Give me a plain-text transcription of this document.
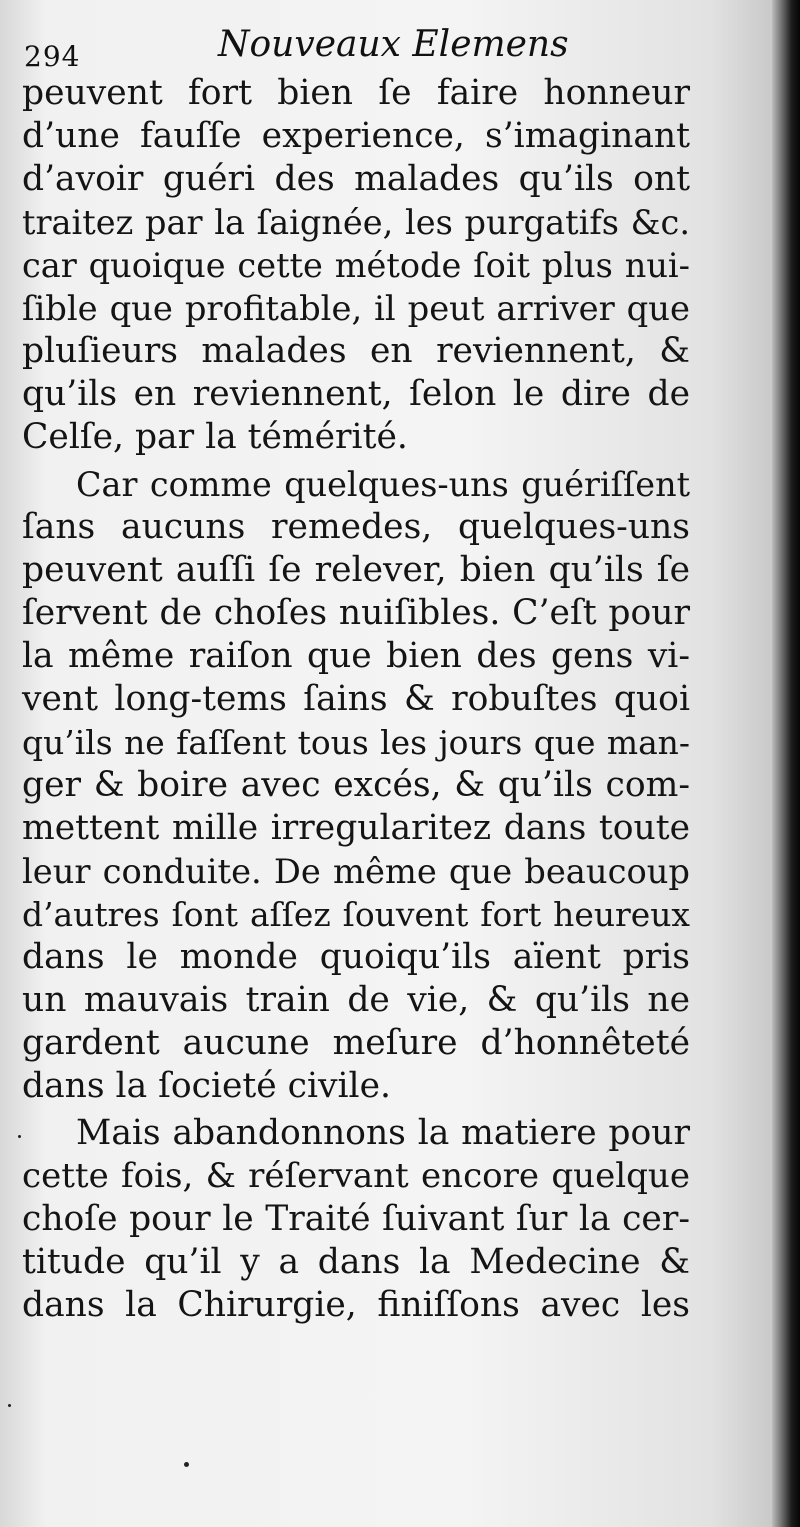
294	Nouveaux Elemens
peuvent fort bien ſe faire honneur
d’une fauſſe experience, s’imaginant
d’avoir guéri des malades qu’ils ont
traitez par la ſaignée, les purgatifs &c.
car quoique cette métode ſoit plus nui-
ſible que profitable, il peut arriver que
pluſieurs malades en reviennent, &
qu’ils en reviennent, ſelon le dire de
Celſe, par la témérité.
Car comme quelques-uns guériſſent
ſans aucuns remedes, quelques-uns
peuvent auſſi ſe relever, bien qu’ils ſe
ſervent de choſes nuiſibles. C’eſt pour
la même raiſon que bien des gens vi-
vent long-tems ſains & robuſtes quoi
qu’ils ne faſſent tous les jours que man-
ger & boire avec excés, & qu’ils com-
mettent mille irregularitez dans toute
leur conduite. De même que beaucoup
d’autres ſont aſſez ſouvent fort heureux
dans le monde quoiqu’ils aïent pris
un mauvais train de vie, & qu’ils ne
gardent aucune meſure d’honnêteté
dans la ſocieté civile.
Mais abandonnons la matiere pour
cette fois, & réſervant encore quelque
choſe pour le Traité ſuivant ſur la cer-
titude qu’il y a dans la Medecine &
dans la Chirurgie, finiſſons avec les
